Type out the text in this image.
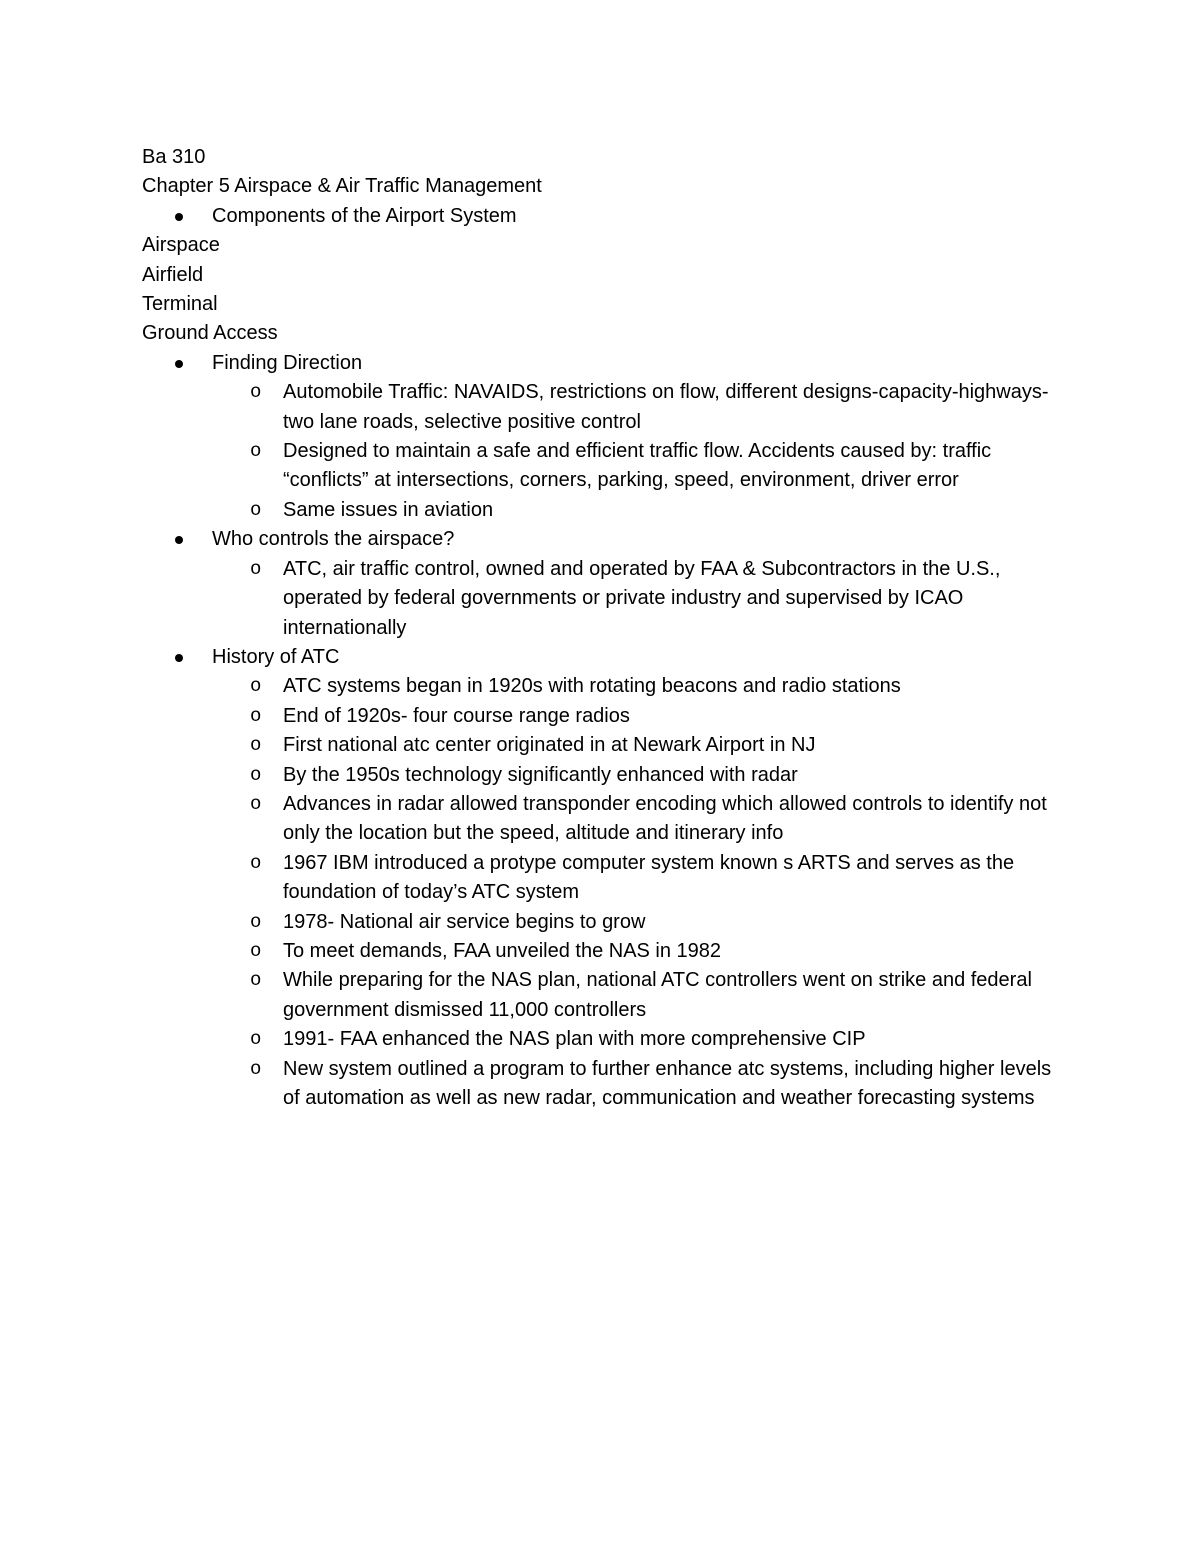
Ba 310

Chapter 5 Airspace & Air Traffic Management

Components of the Airport System

Airspace

Airfield

Terminal

Ground Access

Finding Direction
o Automobile Traffic: NAVAIDS, restrictions on flow, different designs-capacity-highways-two lane roads, selective positive control
o Designed to maintain a safe and efficient traffic flow. Accidents caused by: traffic “conflicts” at intersections, corners, parking, speed, environment, driver error
o Same issues in aviation
Who controls the airspace?
o ATC, air traffic control, owned and operated by FAA & Subcontractors in the U.S., operated by federal governments or private industry and supervised by ICAO internationally
History of ATC
o ATC systems began in 1920s with rotating beacons and radio stations
o End of 1920s- four course range radios
o First national atc center originated in at Newark Airport in NJ
o By the 1950s technology significantly enhanced with radar
o Advances in radar allowed transponder encoding which allowed controls to identify not only the location but the speed, altitude and itinerary info
o 1967 IBM introduced a protype computer system known s ARTS and serves as the foundation of today’s ATC system
o 1978- National air service begins to grow
o To meet demands, FAA unveiled the NAS in 1982
o While preparing for the NAS plan, national ATC controllers went on strike and federal government dismissed 11,000 controllers
o 1991- FAA enhanced the NAS plan with more comprehensive CIP
o New system outlined a program to further enhance atc systems, including higher levels of automation as well as new radar, communication and weather forecasting systems
